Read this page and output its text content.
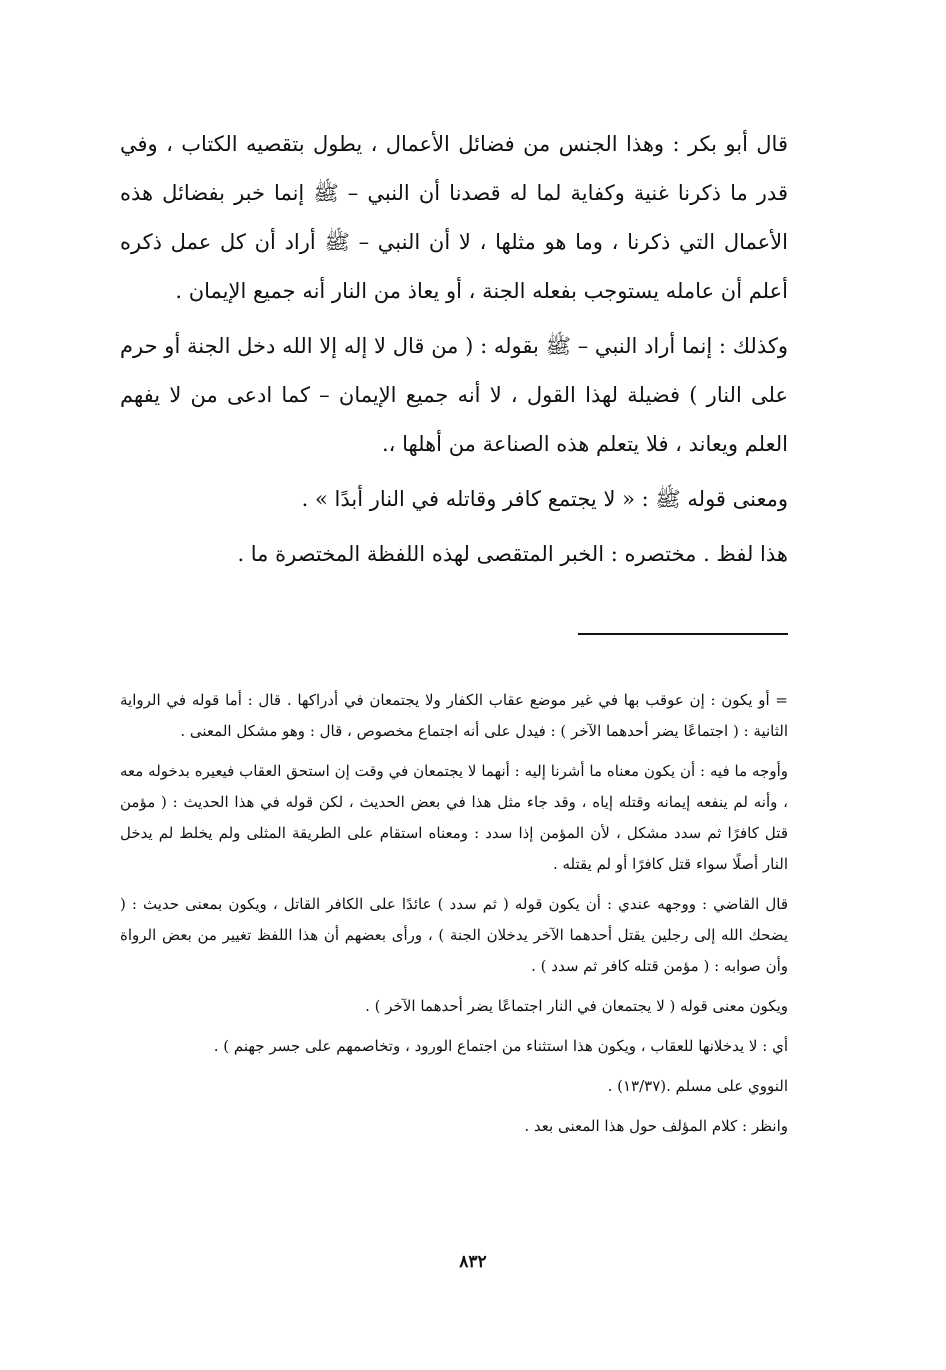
قال أبو بكر : وهذا الجنس من فضائل الأعمال ، يطول بتقصيه الكتاب ، وفي قدر ما ذكرنا غنية وكفاية لما له قصدنا أن النبي – ﷺ إنما خبر بفضائل هذه الأعمال التي ذكرنا ، وما هو مثلها ، لا أن النبي – ﷺ أراد أن كل عمل ذكره أعلم أن عامله يستوجب بفعله الجنة ، أو يعاذ من النار أنه جميع الإيمان .

وكذلك : إنما أراد النبي – ﷺ بقوله : ( من قال لا إله إلا الله دخل الجنة أو حرم على النار ) فضيلة لهذا القول ، لا أنه جميع الإيمان – كما ادعى من لا يفهم العلم ويعاند ، فلا يتعلم هذه الصناعة من أهلها ،.

ومعنى قوله ﷺ : « لا يجتمع كافر وقاتله في النار أبدًا » .

هذا لفظ . مختصره : الخبر المتقصى لهذه اللفظة المختصرة ما .

= أو يكون : إن عوقب بها في غير موضع عقاب الكفار ولا يجتمعان في أدراكها . قال : أما قوله في الرواية الثانية : ( اجتماعًا يضر أحدهما الآخر ) : فيدل على أنه اجتماع مخصوص ، قال : وهو مشكل المعنى .

وأوجه ما فيه : أن يكون معناه ما أشرنا إليه : أنهما لا يجتمعان في وقت إن استحق العقاب فيعيره بدخوله معه ، وأنه لم ينفعه إيمانه وقتله إياه ، وقد جاء مثل هذا في بعض الحديث ، لكن قوله في هذا الحديث : ( مؤمن قتل كافرًا ثم سدد مشكل ، لأن المؤمن إذا سدد : ومعناه استقام على الطريقة المثلى ولم يخلط لم يدخل النار أصلًا سواء قتل كافرًا أو لم يقتله .

قال القاضي : ووجهه عندي : أن يكون قوله ( ثم سدد ) عائدًا على الكافر القاتل ، ويكون بمعنى حديث : ( يضحك الله إلى رجلين يقتل أحدهما الآخر يدخلان الجنة ) ، ورأى بعضهم أن هذا اللفظ تغيير من بعض الرواة وأن صوابه : ( مؤمن قتله كافر ثم سدد ) .

ويكون معنى قوله ( لا يجتمعان في النار اجتماعًا يضر أحدهما الآخر ) .

أي : لا يدخلانها للعقاب ، ويكون هذا استثناء من اجتماع الورود ، وتخاصمهم على جسر جهنم ) .

النووي على مسلم .(١٣/٣٧) .

وانظر : كلام المؤلف حول هذا المعنى بعد .

٨٣٢
